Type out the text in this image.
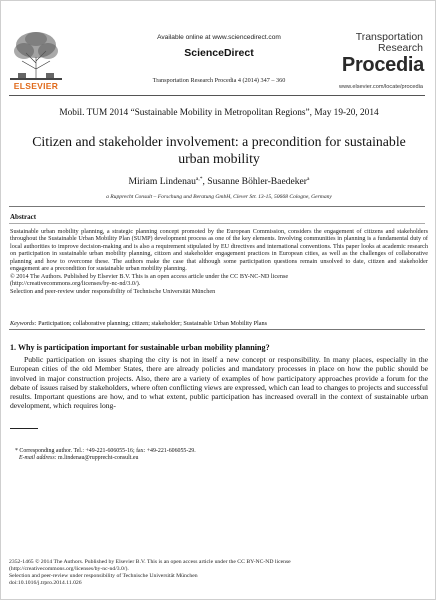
ELSEVIER
Available online at www.sciencedirect.com
ScienceDirect
Transportation Research Procedia 4 (2014) 347 – 360
Transportation
Research
Procedia
www.elsevier.com/locate/procedia
Mobil. TUM 2014 “Sustainable Mobility in Metropolitan Regions”, May 19-20, 2014
Citizen and stakeholder involvement: a precondition for sustainable urban mobility
Miriam Lindenau$^{a,*}$, Susanne Böhler-Baedeker$^a$
a Rupprecht Consult – Forschung und Beratung GmbH, Clever Str. 13-15, 50668 Cologne, Germany
Abstract

Sustainable urban mobility planning, a strategic planning concept promoted by the European Commission, considers the engagement of citizens and stakeholders throughout the Sustainable Urban Mobility Plan (SUMP) development process as one of the key elements. Involving communities in planning is a fundamental duty of local authorities to improve decision-making and is also a requirement stipulated by EU directives and international conventions. This paper looks at academic research on participation in sustainable urban mobility planning, citizen and stakeholder engagement practices in European cities, as well as the challenges of collaborative planning and how to overcome these. The authors make the case that although some participation questions remain unsolved to date, citizen and stakeholder engagement are a precondition for sustainable urban mobility planning.

© 2014 The Authors. Published by Elsevier B.V. This is an open access article under the CC BY-NC-ND license

(http://creativecommons.org/licenses/by-nc-nd/3.0/).

Selection and peer-review under responsibility of Technische Universität München

Keywords: Participation; collaborative planning; citizen; stakeholder; Sustainable Urban Mobility Plans
1. Why is participation important for sustainable urban mobility planning?

Public participation on issues shaping the city is not in itself a new concept or responsibility. In many places, especially in the European cities of the old Member States, there are already policies and mandatory processes in place on how the public should be involved in major construction projects. Also, there are a variety of examples of how participatory approaches provide a forum for the debate of issues raised by stakeholders, where often conflicting views are expressed, which can lead to changes to projects and successful results. Important questions are how, and to what extent, public participation has increased overall in the context of sustainable urban development, which requires long-

* Corresponding author. Tel.: +49-221-606055-16; fax: +49-221-606055-29.
E-mail address: m.lindenau@rupprecht-consult.eu
2352-1465 © 2014 The Authors. Published by Elsevier B.V. This is an open access article under the CC BY-NC-ND license
(http://creativecommons.org/licenses/by-nc-nd/3.0/).
Selection and peer-review under responsibility of Technische Universität München
doi:10.1016/j.trpro.2014.11.026
